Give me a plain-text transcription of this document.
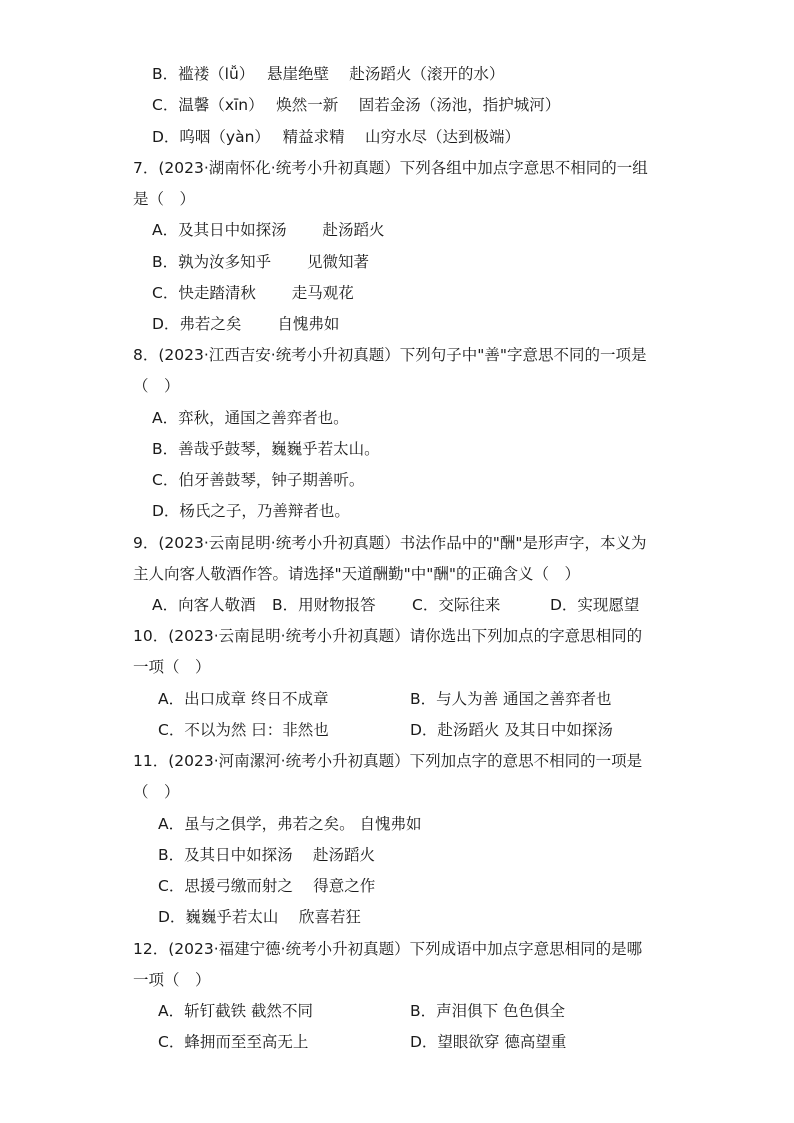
B．褴褛（lǚ）　 悬崖绝壁　 赴汤蹈火（滚开的水）
C．温馨（xīn）　 焕然一新　 固若金汤（汤池，指护城河）
D．呜咽（yàn）　 精益求精　 山穷水尽（达到极端）
7．(2023·湖南怀化·统考小升初真题）下列各组中加点字意思不相同的一组
是（　）
A．及其日中如探汤　　 赴汤蹈火
B．孰为汝多知乎　　 见微知著
C．快走踏清秋　　 走马观花
D．弗若之矣　　 自愧弗如
8．(2023·江西吉安·统考小升初真题）下列句子中"善"字意思不同的一项是
（　）
A．弈秋，通国之善弈者也。
B．善哉乎鼓琴，巍巍乎若太山。
C．伯牙善鼓琴，钟子期善听。
D．杨氏之子，乃善辩者也。
9．(2023·云南昆明·统考小升初真题）书法作品中的"酬"是形声字，本义为
主人向客人敬酒作答。请选择"天道酬勤"中"酬"的正确含义（　）
A．向客人敬酒 B．用财物报答 C．交际往来	D．实现愿望
10．(2023·云南昆明·统考小升初真题）请你选出下列加点的字意思相同的
一项（　）
A．出口成章 终日不成章	B．与人为善 通国之善弈者也
C．不以为然 曰：非然也	D．赴汤蹈火 及其日中如探汤
11．(2023·河南漯河·统考小升初真题）下列加点字的意思不相同的一项是
（　）
A．虽与之俱学，弗若之矣。 自愧弗如
B．及其日中如探汤　 赴汤蹈火
C．思援弓缴而射之　 得意之作
D．巍巍乎若太山　 欣喜若狂
12．(2023·福建宁德·统考小升初真题）下列成语中加点字意思相同的是哪
一项（　）
A．斩钉截铁 截然不同	B．声泪俱下 色色俱全
C．蜂拥而至至高无上	D．望眼欲穿 德高望重
